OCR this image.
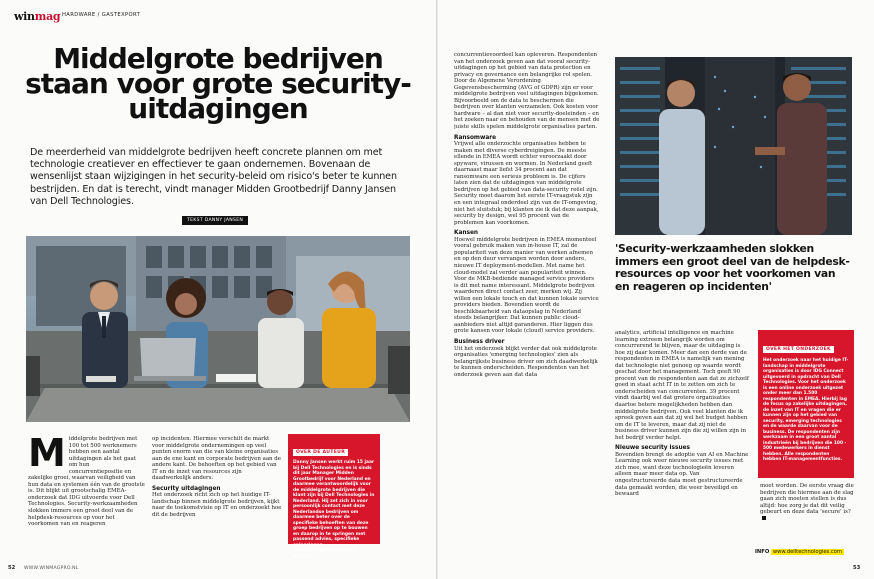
winmag HARDWARE / GASTEXPORT
Middelgrote bedrijven staan voor grote security-uitdagingen
De meerderheid van middelgrote bedrijven heeft concrete plannen om met technologie creatiever en effectiever te gaan ondernemen. Bovenaan de wensenlijst staan wijzigingen in het security-beleid om risico's beter te kunnen bestrijden. En dat is terecht, vindt manager Midden Grootbedrijf Danny Jansen van Dell Technologies.
TEKST DANNY JANSEN
M iddelgrote bedrijven met 100 tot 500 werknemers hebben een aantal uitdagingen als het gaat om hun concurrentiepositie en zakelijke groei, waarvan veiligheid van hun data en systemen één van de grootste is. Dit blijkt uit grootschalig EMEA-onderzoek dat IDG uitvoerde voor Dell Technologies. Security-werkzaamheden slokken immers een groot deel van de helpdesk-resources op voor het voorkomen van en reageren

op incidenten. Hiermee verschilt de markt voor middelgrote ondernemingen op veel punten enorm van die van kleine organisaties aan de ene kant en corporate bedrijven aan de andere kant. De behoeften op het gebied van IT en de inzet van resources zijn daadwerkelijk anders.

Security uitdagingen

Het onderzoek richt zich op het huidige IT-landschap binnen middelgrote bedrijven, kijkt naar de toekomstvisie op IT en onderzoekt hoe dit de bedrijven

OVER DE AUTEUR
Danny Jansen werkt ruim 15 jaar bij Dell Technologies en is sinds dit jaar Manager Midden Grootbedrijf voor Nederland en daarmee verantwoordelijk voor de middelgrote bedrijven die klant zijn bij Dell Technologies in Nederland. Hij zet zich in voor persoonlijk contact met deze Nederlandse bedrijven om daarmee beter over de specifieke behoeften van deze groep bedrijven op te bouwen en daarop in te springen met passend advies, specifieke oplossingen, financieringsmodellen en service.
52 WWW.WINMAGPRO.NL

concurrentievoordeel kan opleveren. Respondenten van het onderzoek geven aan dat vooral security-uitdagingen op het gebied van data protection en privacy en governance een belangrijke rol spelen. Door de Algemene Verordening Gegevensbescherming (AVG of GDPR) zijn er voor middelgrote bedrijven veel uitdagingen bijgekomen. Bijvoorbeeld om de data te beschermen die bedrijven over klanten verzamelen. Ook kosten voor hardware – al dan niet voor security-doeleinden – en het zoeken naar en behouden van de mensen met de juiste skills spelen middelgrote organisaties parten.

Ransomware

Vrijwel alle onderzochte organisaties hebben te maken met diverse cyberdreigingen. De meeste ellende in EMEA wordt echter veroorzaakt door spyware, virussen en wormen. In Nederland geeft daarnaast maar liefst 34 procent aan dat ransomware een serieus probleem is. De cijfers laten zien dat de uitdagingen van middelgrote bedrijven op het gebied van data-security reëel zijn. Security moet daarom het eerste IT-vraagstuk zijn en een integraal onderdeel zijn van de IT-omgeving, niet het sluitstuk; bij klanten zie ik dat deze aanpak, security by design, wel 95 procent van de problemen kan voorkomen.

Kansen

Hoewel middelgrote bedrijven in EMEA momenteel vooral gebruik maken van in-house IT, zal de populariteit van deze manier van werken afnemen en op den duur vervangen worden door andere, nieuwe IT deployment-modellen. Met name het cloud-model zal verder aan populariteit winnen. Voor de MKB-bediende managed service providers is dit met name interessant. Middelgrote bedrijven waarderen direct contact zeer, merken wij. Zij willen een lokale touch en dat kunnen lokale service providers bieden. Bovendien wordt de beschikbaarheid van dataopslag in Nederland steeds belangrijker. Dat kunnen public cloud-aanbieders niet altijd garanderen. Hier liggen dus grote kansen voor lokale (cloud) service providers.

Business driver

Uit het onderzoek blijkt verder dat ook middelgrote organisaties 'emerging technologies' zien als belangrijkste business driver om zich daadwerkelijk te kunnen onderscheiden. Respondenten van het onderzoek geven aan dat data

'Security-werkzaamheden slokken immers een groot deel van de helpdesk-resources op voor het voorkomen van en reageren op incidenten'

analytics, artificial intelligence en machine learning extreem belangrijk worden om concurrerend te blijven, maar de uitdaging is hoe zij daar komen. Meer dan een derde van de respondenten in EMEA is namelijk van mening dat technologie niet genoeg op waarde wordt geschat door het management. Toch geeft 90 procent van de respondenten aan dat ze zichzelf goed in staat acht IT in te zetten om zich te onderscheiden van concurrenten. 39 procent vindt daarbij wel dat grotere organisaties daartoe betere mogelijkheden hebben dan middelgrote bedrijven. Ook veel klanten die ik spreek geven aan dat zij wel het budget hebben om de IT te leveren, maar dat zij niet de business driver kunnen zijn die zij willen zijn in het bedrijf verder helpt.

Nieuwe security issues

Bovendien brengt de adoptie van AI en Machine Learning ook weer nieuwe security issues met zich mee, want deze technologieën leveren alleen maar meer data op. Van ongestructureerde data moet gestructureerde data gemaakt worden, die weer beveiligd en bewaard

OVER HET ONDERZOEK
Het onderzoek naar het huidige IT-landschap in middelgrote organisaties is door IDG Connect uitgevoerd in opdracht van Dell Technologies. Voor het onderzoek is een online onderzoek uitgezet onder meer dan 1.500 respondenten in EMEA. Hierbij lag de focus op zakelijke uitdagingen, de inzet van IT en vragen die er kunnen zijn op het gebied van security, emerging technologies en de waarde daarvan voor de business. De respondenten zijn werkzaam in een groot aantal industrieën bij bedrijven die 100 - 500 medewerkers in dienst hebben. Alle respondenten hebben IT-managementfuncties.

moet worden. De eerste vraag die bedrijven die hiermee aan de slag gaan zich moeten stellen is dus altijd: hoe zorg je dat dit veilig gebeurt en deze data 'secure' is?

INFO www.delltechnologies.com
53
